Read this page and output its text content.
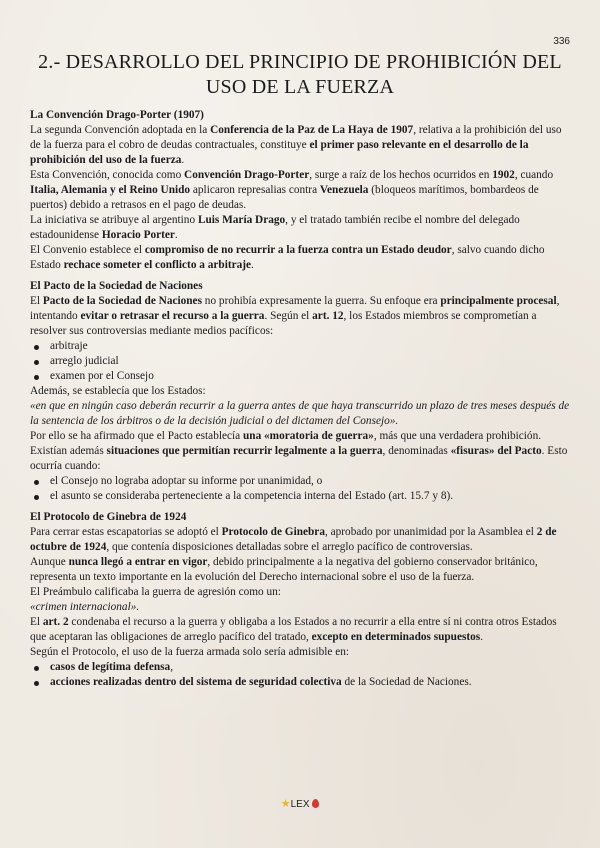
336
2.- DESARROLLO DEL PRINCIPIO DE PROHIBICIÓN DEL USO DE LA FUERZA

La Convención Drago-Porter (1907)

La segunda Convención adoptada en la Conferencia de la Paz de La Haya de 1907, relativa a la prohibición del uso de la fuerza para el cobro de deudas contractuales, constituye el primer paso relevante en el desarrollo de la prohibición del uso de la fuerza.

Esta Convención, conocida como Convención Drago-Porter, surge a raíz de los hechos ocurridos en 1902, cuando Italia, Alemania y el Reino Unido aplicaron represalias contra Venezuela (bloqueos marítimos, bombardeos de puertos) debido a retrasos en el pago de deudas.

La iniciativa se atribuye al argentino Luis María Drago, y el tratado también recibe el nombre del delegado estadounidense Horacio Porter.

El Convenio establece el compromiso de no recurrir a la fuerza contra un Estado deudor, salvo cuando dicho Estado rechace someter el conflicto a arbitraje.

El Pacto de la Sociedad de Naciones

El Pacto de la Sociedad de Naciones no prohibía expresamente la guerra. Su enfoque era principalmente procesal, intentando evitar o retrasar el recurso a la guerra. Según el art. 12, los Estados miembros se comprometían a resolver sus controversias mediante medios pacíficos:

arbitraje
arreglo judicial
examen por el Consejo

Además, se establecía que los Estados:

«en que en ningún caso deberán recurrir a la guerra antes de que haya transcurrido un plazo de tres meses después de la sentencia de los árbitros o de la decisión judicial o del dictamen del Consejo».

Por ello se ha afirmado que el Pacto establecía una «moratoria de guerra», más que una verdadera prohibición. Existían además situaciones que permitían recurrir legalmente a la guerra, denominadas «fisuras» del Pacto. Esto ocurría cuando:

el Consejo no lograba adoptar su informe por unanimidad, o
el asunto se consideraba perteneciente a la competencia interna del Estado (art. 15.7 y 8).

El Protocolo de Ginebra de 1924

Para cerrar estas escapatorias se adoptó el Protocolo de Ginebra, aprobado por unanimidad por la Asamblea el 2 de octubre de 1924, que contenía disposiciones detalladas sobre el arreglo pacífico de controversias.

Aunque nunca llegó a entrar en vigor, debido principalmente a la negativa del gobierno conservador británico, representa un texto importante en la evolución del Derecho internacional sobre el uso de la fuerza.

El Preámbulo calificaba la guerra de agresión como un:

«crimen internacional».

El art. 2 condenaba el recurso a la guerra y obligaba a los Estados a no recurrir a ella entre sí ni contra otros Estados que aceptaran las obligaciones de arreglo pacífico del tratado, excepto en determinados supuestos.

Según el Protocolo, el uso de la fuerza armada solo sería admisible en:

casos de legítima defensa,
acciones realizadas dentro del sistema de seguridad colectiva de la Sociedad de Naciones.
★LEX
